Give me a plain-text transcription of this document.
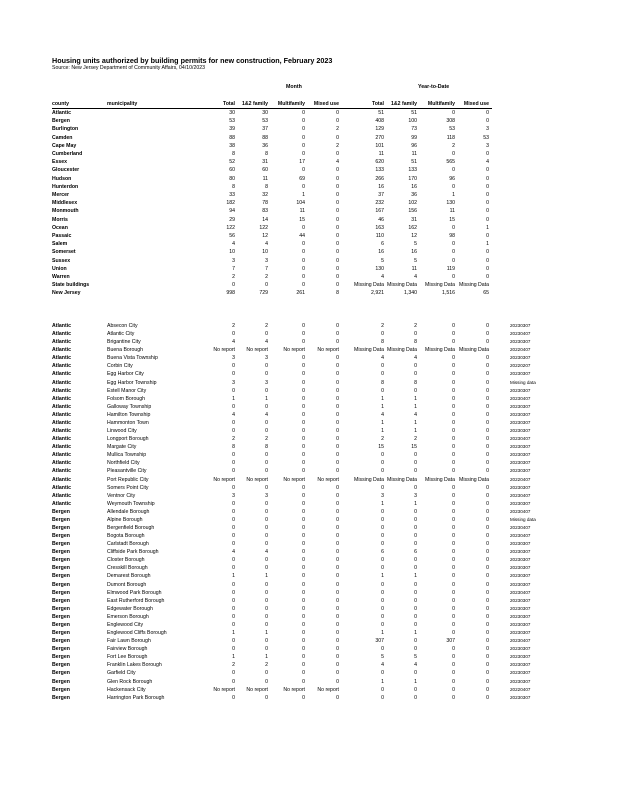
Housing units authorized by building permits for new construction, February 2023
Source: New Jersey Department of Community Affairs, 04/10/2023
Month	Year-to-Date
county	municipality	Total 1&2 family Multifamily Mixed use	Total 1&2 family Multifamily Mixed use
Atlantic	30	30	0	0	51	51	0	0
Bergen	53	53	0	0	408	100	308	0
Burlington	39	37	0	2	129	73	53	3
Camden	88	88	0	0	270	99	118	53
Cape May	38	36	0	2	101	96	2	3
Cumberland	8	8	0	0	11	11	0	0
Essex	52	31	17	4	620	51	565	4
Gloucester	60	60	0	0	133	133	0	0
Hudson	80	11	69	0	266	170	96	0
Hunterdon	8	8	0	0	16	16	0	0
Mercer	33	32	1	0	37	36	1	0
Middlesex	182	78	104	0	232	102	130	0
Monmouth	94	83	11	0	167	156	11	0
Morris	29	14	15	0	46	31	15	0
Ocean	122	122	0	0	163	162	0	1
Passaic	56	12	44	0	110	12	98	0
Salem	4	4	0	0	6	5	0	1
Somerset	10	10	0	0	16	16	0	0
Sussex	3	3	0	0	5	5	0	0
Union	7	7	0	0	130	11	119	0
Warren	2	2	0	0	4	4	0	0
State buildings	0	0	0	0	Missing Data Missing Data Missing Data Missing Data
New Jersey	998	729	261	8	2,921	1,340	1,516	65
Atlantic	Absecon City	2	2	0	0	2	2	0	0	20230307
Atlantic	Atlantic City	0	0	0	0	0	0	0	0	20230407
Atlantic	Brigantine City	4	4	0	0	8	8	0	0	20230307
Atlantic	Buena Borough	No report No report	No report No report	Missing Data Missing Data Missing Data Missing Data	20220407
Atlantic	Buena Vista Township	3	3	0	0	4	4	0	0	20230307
Atlantic	Corbin City	0	0	0	0	0	0	0	0	20220207
Atlantic	Egg Harbor City	0	0	0	0	0	0	0	0	20230307
Atlantic	Egg Harbor Township	3	3	0	0	8	8	0	0	Missing data
Atlantic	Estell Manor City	0	0	0	0	0	0	0	0	20230307
Atlantic	Folsom Borough	1	1	0	0	1	1	0	0	20230407
Atlantic	Galloway Township	0	0	0	0	1	1	0	0	20230307
Atlantic	Hamilton Township	4	4	0	0	4	4	0	0	20230307
Atlantic	Hammonton Town	0	0	0	0	1	1	0	0	20230307
Atlantic	Linwood City	0	0	0	0	1	1	0	0	20230307
Atlantic	Longport Borough	2	2	0	0	2	2	0	0	20230407
Atlantic	Margate City	8	8	0	0	15	15	0	0	20230307
Atlantic	Mullica Township	0	0	0	0	0	0	0	0	20230307
Atlantic	Northfield City	0	0	0	0	0	0	0	0	20230307
Atlantic	Pleasantville City	0	0	0	0	0	0	0	0	20230307
Atlantic	Port Republic City	No report No report	No report No report	Missing Data Missing Data Missing Data Missing Data	20220407
Atlantic	Somers Point City	0	0	0	0	0	0	0	0	20230307
Atlantic	Ventnor City	3	3	0	0	3	3	0	0	20230407
Atlantic	Weymouth Township	0	0	0	0	1	1	0	0	20230307
Bergen	Allendale Borough	0	0	0	0	0	0	0	0	20230407
Bergen	Alpine Borough	0	0	0	0	0	0	0	0	Missing data
Bergen	Bergenfield Borough	0	0	0	0	0	0	0	0	20230407
Bergen	Bogota Borough	0	0	0	0	0	0	0	0	20230407
Bergen	Carlstadt Borough	0	0	0	0	0	0	0	0	20230307
Bergen	Cliffside Park Borough	4	4	0	0	6	6	0	0	20230307
Bergen	Closter Borough	0	0	0	0	0	0	0	0	20230307
Bergen	Cresskill Borough	0	0	0	0	0	0	0	0	20230307
Bergen	Demarest Borough	1	1	0	0	1	1	0	0	20230307
Bergen	Dumont Borough	0	0	0	0	0	0	0	0	20230307
Bergen	Elmwood Park Borough	0	0	0	0	0	0	0	0	20230407
Bergen	East Rutherford Borough	0	0	0	0	0	0	0	0	20230307
Bergen	Edgewater Borough	0	0	0	0	0	0	0	0	20230307
Bergen	Emerson Borough	0	0	0	0	0	0	0	0	20230307
Bergen	Englewood City	0	0	0	0	0	0	0	0	20230307
Bergen	Englewood Cliffs Borough	1	1	0	0	1	1	0	0	20230307
Bergen	Fair Lawn Borough	0	0	0	0	307	0	307	0	20230407
Bergen	Fairview Borough	0	0	0	0	0	0	0	0	20230307
Bergen	Fort Lee Borough	1	1	0	0	5	5	0	0	20230307
Bergen	Franklin Lakes Borough	2	2	0	0	4	4	0	0	20230307
Bergen	Garfield City	0	0	0	0	0	0	0	0	20230307
Bergen	Glen Rock Borough	0	0	0	0	1	1	0	0	20230307
Bergen	Hackensack City	No report No report	No report No report	0	0	0	0	20220407
Bergen	Harrington Park Borough	0	0	0	0	0	0	0	0	20230307
